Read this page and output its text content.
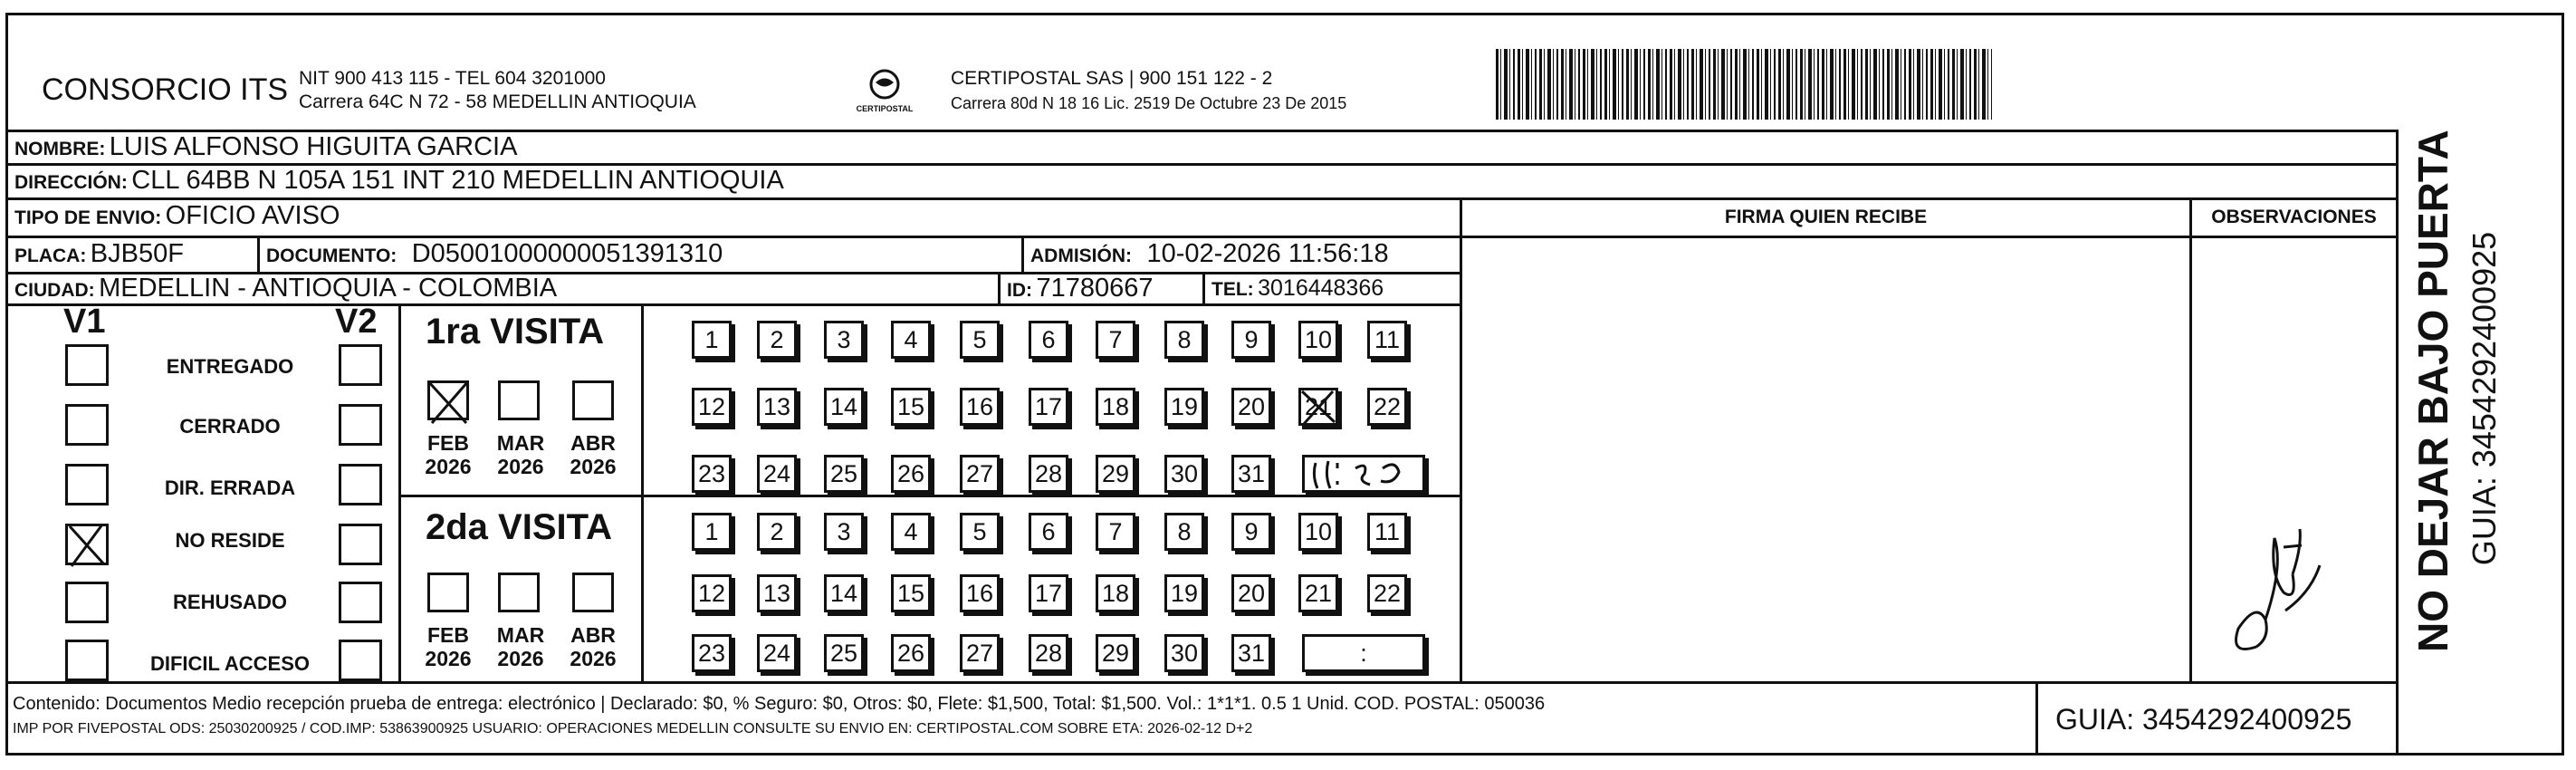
CONSORCIO ITS NIT 900 413 115 - TEL 604 3201000
Carrera 64C N 72 - 58 MEDELLIN ANTIOQUIA	CERTIPOSTAL
CERTIPOSTAL SAS | 900 151 122 - 2
Carrera 80d N 18 16 Lic. 2519 De Octubre 23 De 2015
NOMBRE: LUIS ALFONSO HIGUITA GARCIA
DIRECCIÓN: CLL 64BB N 105A 151 INT 210 MEDELLIN ANTIOQUIA
TIPO DE ENVIO: OFICIO AVISO	FIRMA QUIEN RECIBE	OBSERVACIONES
PLACA: BJB50F	DOCUMENTO: D05001000000051391310	ADMISIÓN: 10-02-2026 11:56:18
CIUDAD: MEDELLIN - ANTIOQUIA - COLOMBIA	ID: 71780667	TEL: 3016448366
V1	V2
ENTREGADO
CERRADO
DIR. ERRADA
NO RESIDE
REHUSADO
DIFICIL ACCESO
1ra VISITA
FEB
2026
MAR
2026
ABR
2026
2da VISITA
FEB
2026
MAR
2026
ABR
2026
1	2	3	4	5	6	7	8	9	10 11
12 13 14 15 16 17 18 19 20 21 22
23 24 25 26 27 28 29 30 31
1	2	3	4	5	6	7	8	9	10 11
12 13 14 15 16 17 18 19 20 21 22
23 24 25 26 27 28 29 30 31	:
Contenido: Documentos Medio recepción prueba de entrega: electrónico | Declarado: $0, % Seguro: $0, Otros: $0, Flete: $1,500, Total: $1,500. Vol.: 1*1*1. 0.5 1 Unid. COD. POSTAL: 050036
IMP POR FIVEPOSTAL ODS: 25030200925 / COD.IMP: 53863900925 USUARIO: OPERACIONES MEDELLIN CONSULTE SU ENVIO EN: CERTIPOSTAL.COM SOBRE ETA: 2026-02-12 D+2	GUIA: 3454292400925
NO DEJAR BAJO PUERTA GUIA: 3454292400925
